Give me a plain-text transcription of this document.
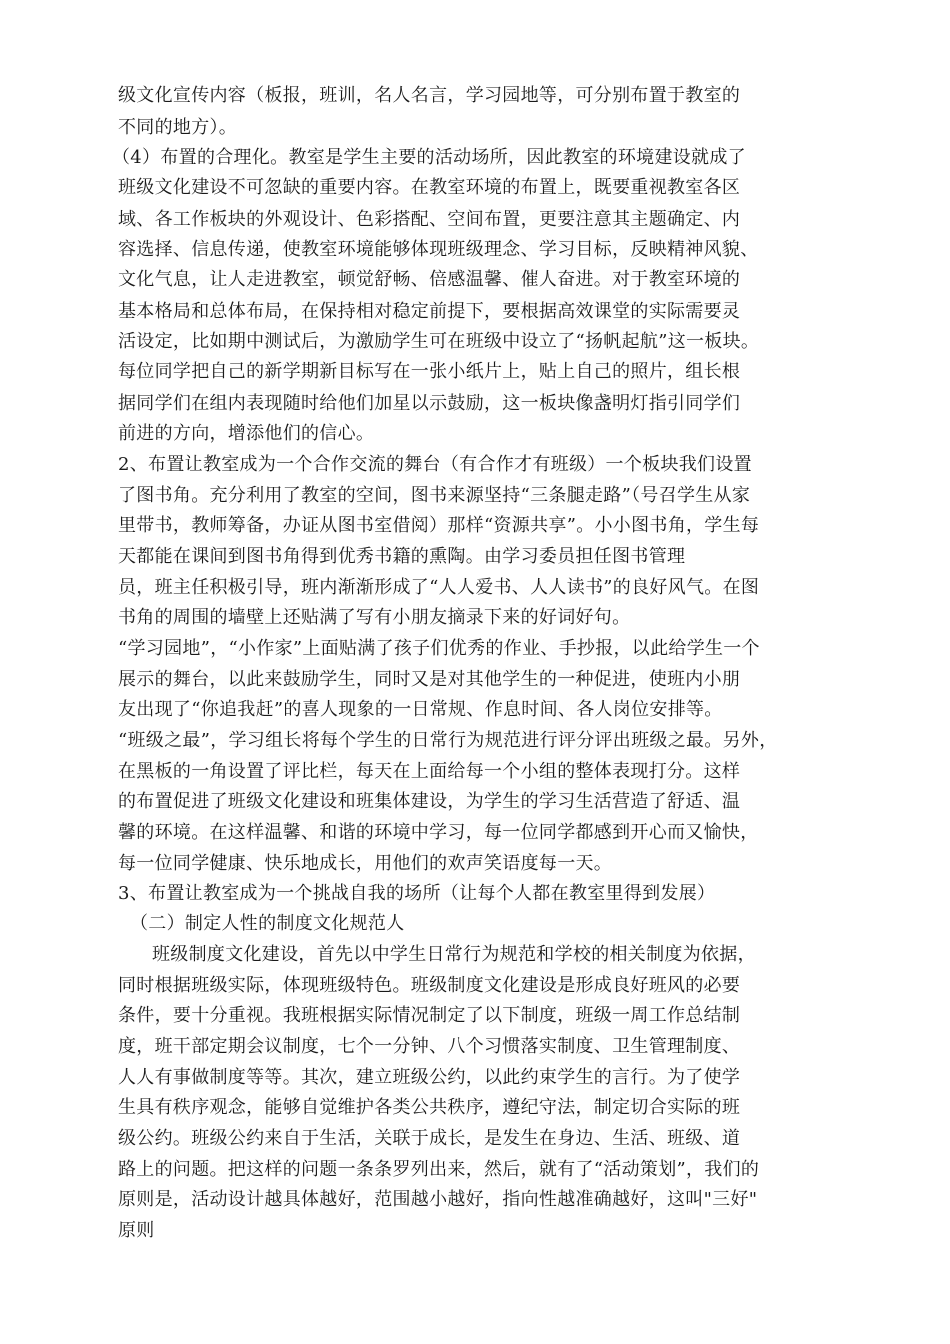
级文化宣传内容（板报，班训，名人名言，学习园地等，可分别布置于教室的
不同的地方）。
（4）布置的合理化。教室是学生主要的活动场所，因此教室的环境建设就成了
班级文化建设不可忽缺的重要内容。在教室环境的布置上，既要重视教室各区
域、各工作板块的外观设计、色彩搭配、空间布置，更要注意其主题确定、内
容选择、信息传递，使教室环境能够体现班级理念、学习目标，反映精神风貌、
文化气息，让人走进教室，顿觉舒畅、倍感温馨、催人奋进。对于教室环境的
基本格局和总体布局，在保持相对稳定前提下，要根据高效课堂的实际需要灵
活设定，比如期中测试后，为激励学生可在班级中设立了“扬帆起航”这一板块。
每位同学把自己的新学期新目标写在一张小纸片上，贴上自己的照片，组长根
据同学们在组内表现随时给他们加星以示鼓励，这一板块像盏明灯指引同学们
前进的方向，增添他们的信心。
2、布置让教室成为一个合作交流的舞台（有合作才有班级）一个板块我们设置
了图书角。充分利用了教室的空间，图书来源坚持“三条腿走路”（号召学生从家
里带书，教师筹备，办证从图书室借阅）那样“资源共享”。小小图书角，学生每
天都能在课间到图书角得到优秀书籍的熏陶。由学习委员担任图书管理
员，班主任积极引导，班内渐渐形成了“人人爱书、人人读书”的良好风气。在图
书角的周围的墙壁上还贴满了写有小朋友摘录下来的好词好句。
“学习园地”，“小作家”上面贴满了孩子们优秀的作业、手抄报，以此给学生一个
展示的舞台，以此来鼓励学生，同时又是对其他学生的一种促进，使班内小朋
友出现了“你追我赶”的喜人现象的一日常规、作息时间、各人岗位安排等。
“班级之最”，学习组长将每个学生的日常行为规范进行评分评出班级之最。另外，
在黑板的一角设置了评比栏，每天在上面给每一个小组的整体表现打分。这样
的布置促进了班级文化建设和班集体建设，为学生的学习生活营造了舒适、温
馨的环境。在这样温馨、和谐的环境中学习，每一位同学都感到开心而又愉快，
每一位同学健康、快乐地成长，用他们的欢声笑语度每一天。
3、布置让教室成为一个挑战自我的场所（让每个人都在教室里得到发展）
（二）制定人性的制度文化规范人
班级制度文化建设，首先以中学生日常行为规范和学校的相关制度为依据，
同时根据班级实际，体现班级特色。班级制度文化建设是形成良好班风的必要
条件，要十分重视。我班根据实际情况制定了以下制度，班级一周工作总结制
度，班干部定期会议制度，七个一分钟、八个习惯落实制度、卫生管理制度、
人人有事做制度等等。其次，建立班级公约，以此约束学生的言行。为了使学
生具有秩序观念，能够自觉维护各类公共秩序，遵纪守法，制定切合实际的班
级公约。班级公约来自于生活，关联于成长，是发生在身边、生活、班级、道
路上的问题。把这样的问题一条条罗列出来，然后，就有了“活动策划”，我们的
原则是，活动设计越具体越好，范围越小越好，指向性越准确越好，这叫"三好"
原则
